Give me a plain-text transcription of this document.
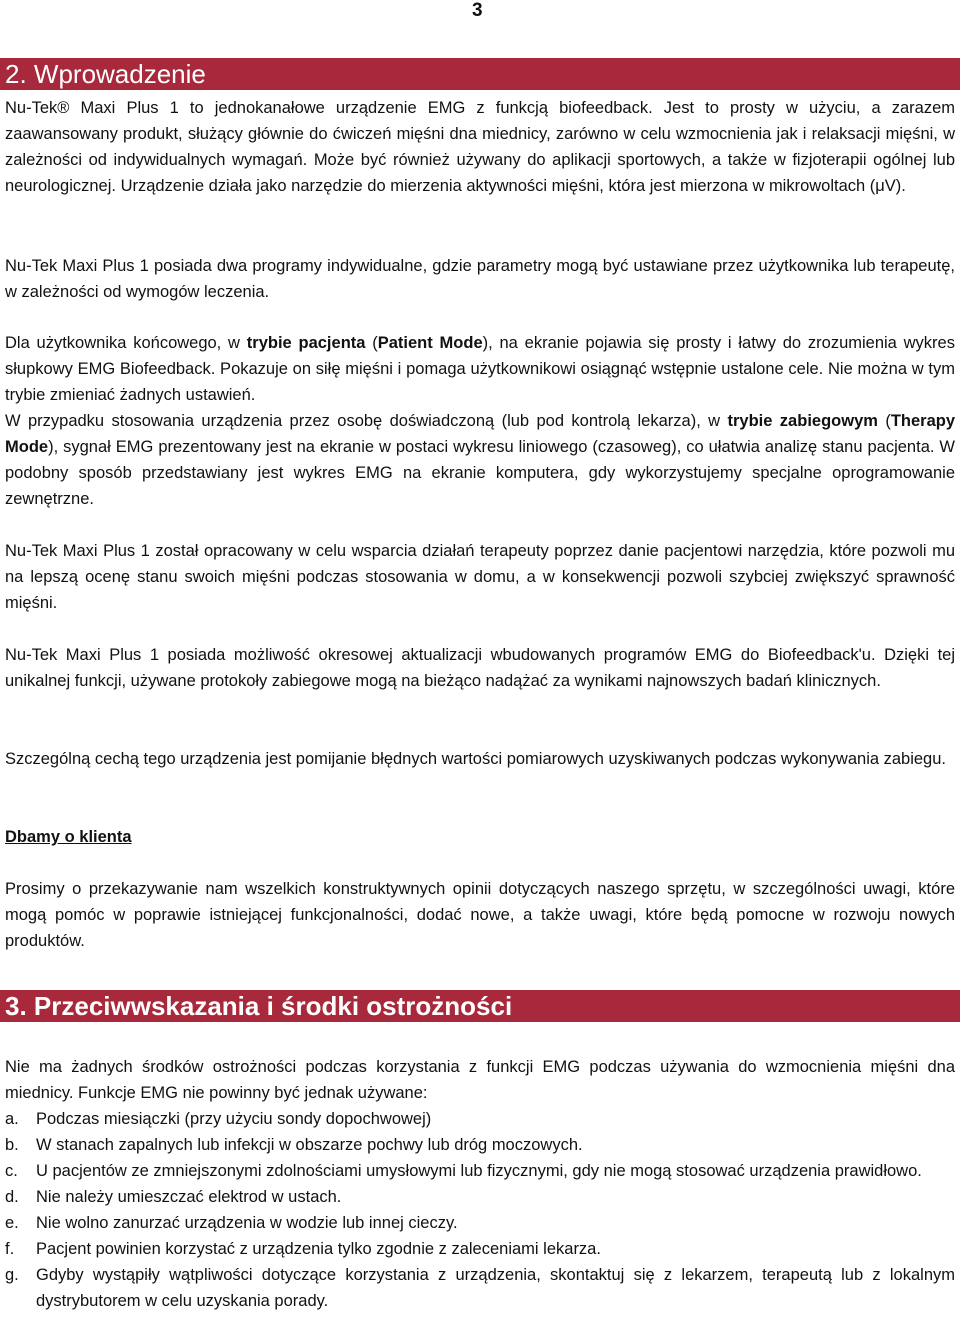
3
2. Wprowadzenie
Nu-Tek® Maxi Plus 1 to jednokanałowe urządzenie EMG z funkcją biofeedback. Jest to prosty w użyciu, a zarazem zaawansowany produkt, służący głównie do ćwiczeń mięśni dna miednicy, zarówno w celu wzmocnienia jak i relaksacji mięśni, w zależności od indywidualnych wymagań. Może być również używany do aplikacji sportowych, a także w fizjoterapii ogólnej lub neurologicznej. Urządzenie działa jako narzędzie do mierzenia aktywności mięśni, która jest mierzona w mikrowoltach (μV).
Nu-Tek Maxi Plus 1 posiada dwa programy indywidualne, gdzie parametry mogą być ustawiane przez użytkownika lub terapeutę, w zależności od wymogów leczenia.
Dla użytkownika końcowego, w trybie pacjenta (Patient Mode), na ekranie pojawia się prosty i łatwy do zrozumienia wykres słupkowy EMG Biofeedback. Pokazuje on siłę mięśni i pomaga użytkownikowi osiągnąć wstępnie ustalone cele. Nie można w tym trybie zmieniać żadnych ustawień.
W przypadku stosowania urządzenia przez osobę doświadczoną (lub pod kontrolą lekarza), w trybie zabiegowym (Therapy Mode), sygnał EMG prezentowany jest na ekranie w postaci wykresu liniowego (czasoweg), co ułatwia analizę stanu pacjenta. W podobny sposób przedstawiany jest wykres EMG na ekranie komputera, gdy wykorzystujemy specjalne oprogramowanie zewnętrzne.
Nu-Tek Maxi Plus 1 został opracowany w celu wsparcia działań terapeuty poprzez danie pacjentowi narzędzia, które pozwoli mu na lepszą ocenę stanu swoich mięśni podczas stosowania w domu, a w konsekwencji pozwoli szybciej zwiększyć sprawność mięśni.
Nu-Tek Maxi Plus 1 posiada możliwość okresowej aktualizacji wbudowanych programów EMG do Biofeedback'u. Dzięki tej unikalnej funkcji, używane protokoły zabiegowe mogą na bieżąco nadążać za wynikami najnowszych badań klinicznych.
Szczególną cechą tego urządzenia jest pomijanie błędnych wartości pomiarowych uzyskiwanych podczas wykonywania zabiegu.
Dbamy o klienta
Prosimy o przekazywanie nam wszelkich konstruktywnych opinii dotyczących naszego sprzętu, w szczególności uwagi, które mogą pomóc w poprawie istniejącej funkcjonalności, dodać nowe, a także uwagi, które będą pomocne w rozwoju nowych produktów.
3. Przeciwwskazania i środki ostrożności
Nie ma żadnych środków ostrożności podczas korzystania z funkcji EMG podczas używania do wzmocnienia mięśni dna miednicy. Funkcje EMG nie powinny być jednak używane:
a. Podczas miesiączki (przy użyciu sondy dopochwowej)
b. W stanach zapalnych lub infekcji w obszarze pochwy lub dróg moczowych.
c. U pacjentów ze zmniejszonymi zdolnościami umysłowymi lub fizycznymi, gdy nie mogą stosować urządzenia prawidłowo.
d. Nie należy umieszczać elektrod w ustach.
e. Nie wolno zanurzać urządzenia w wodzie lub innej cieczy.
f. Pacjent powinien korzystać z urządzenia tylko zgodnie z zaleceniami lekarza.
g. Gdyby wystąpiły wątpliwości dotyczące korzystania z urządzenia, skontaktuj się z lekarzem, terapeutą lub z lokalnym dystrybutorem w celu uzyskania porady.
